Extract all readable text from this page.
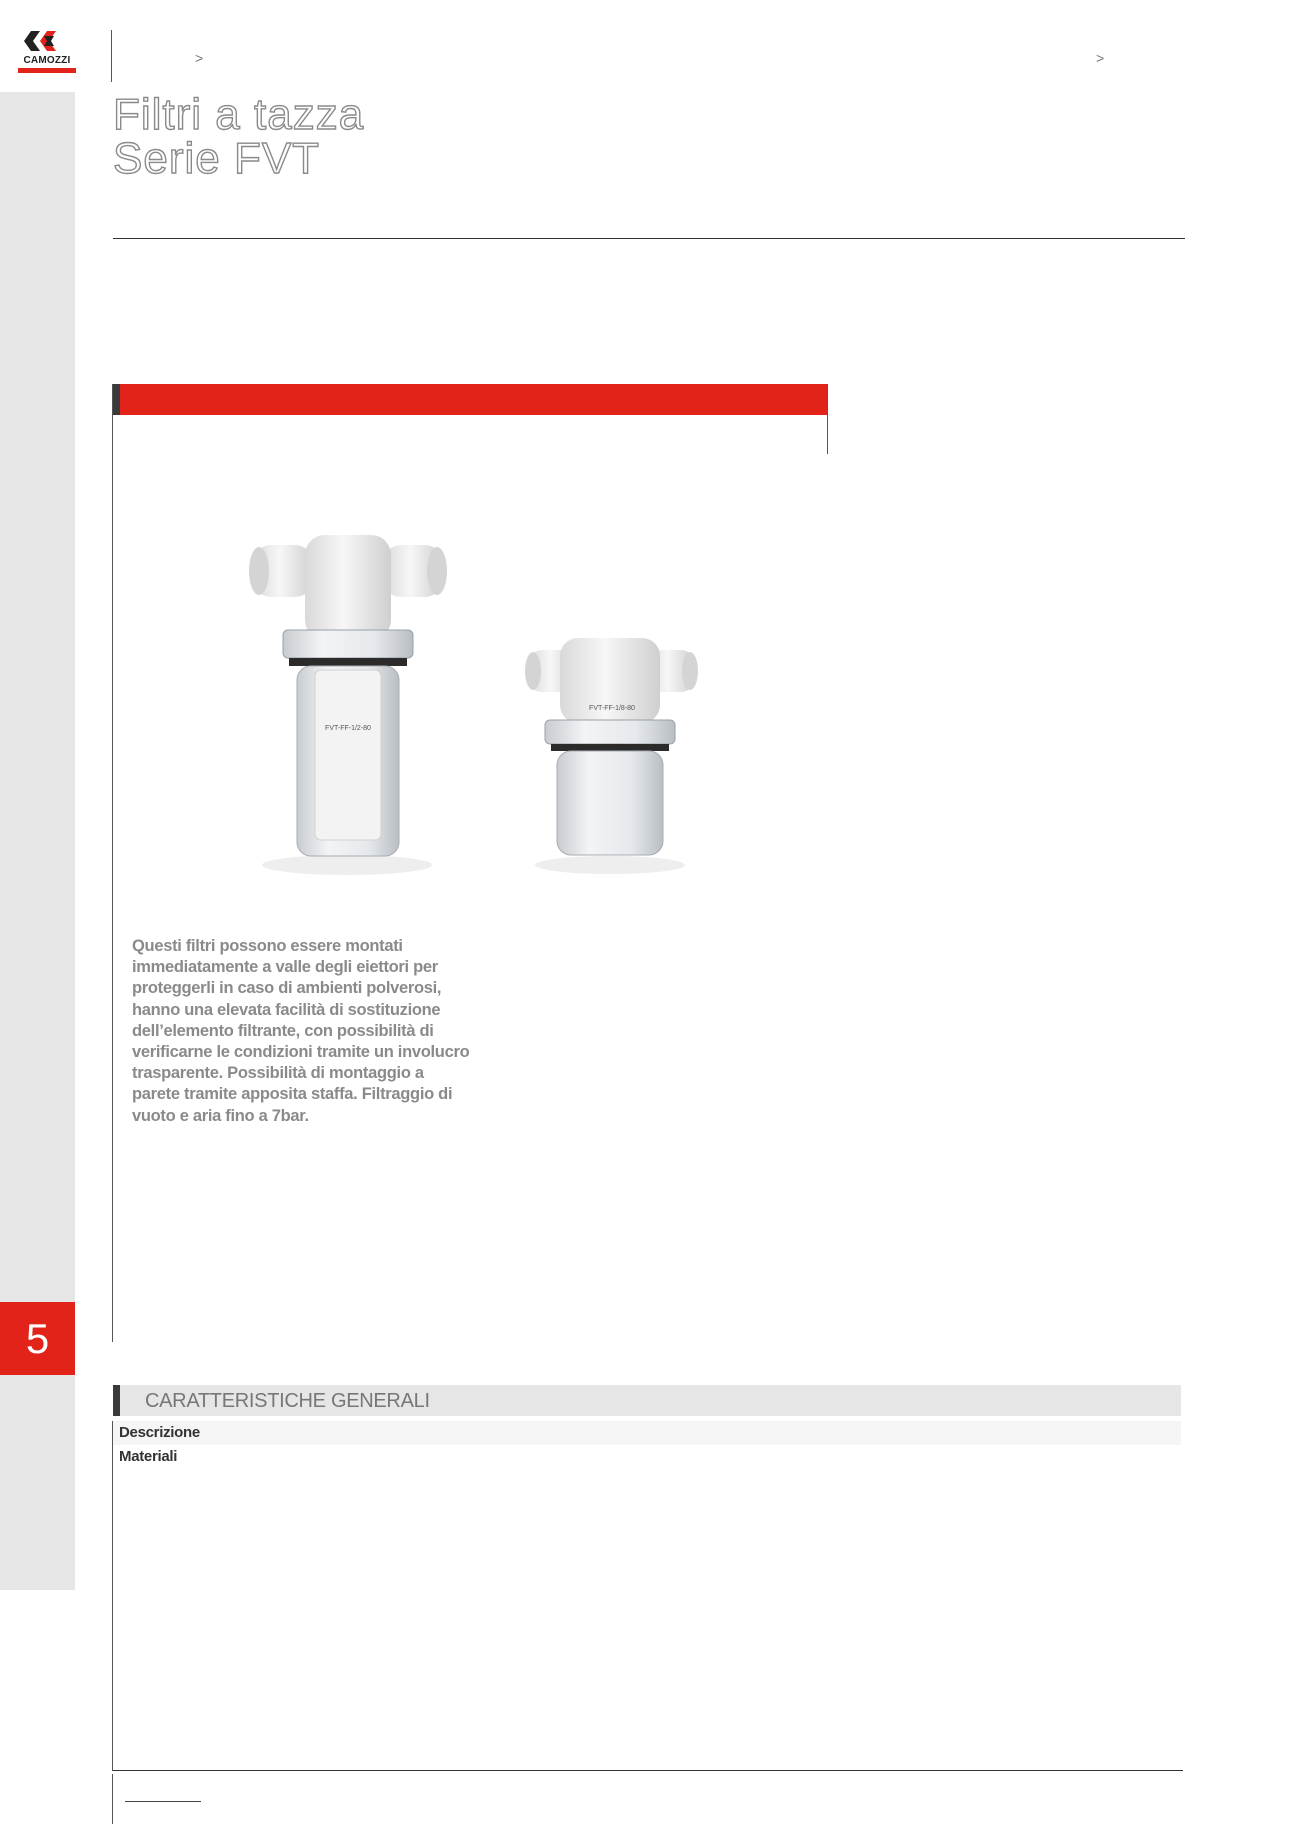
5
CAMOZZI	>	>
Filtri a tazza
Serie FVT
FVT-FF-1/2-80
FVT-FF-1/8-80
Questi filtri possono essere montati immediatamente a valle degli eiettori per proteggerli in caso di ambienti polverosi, hanno una elevata facilità di sostituzione dell’elemento filtrante, con possibilità di verificarne le condizioni tramite un involucro trasparente. Possibilità di montaggio a parete tramite apposita staffa. Filtraggio di vuoto e aria fino a 7bar.
CARATTERISTICHE GENERALI
Descrizione
Materiali
